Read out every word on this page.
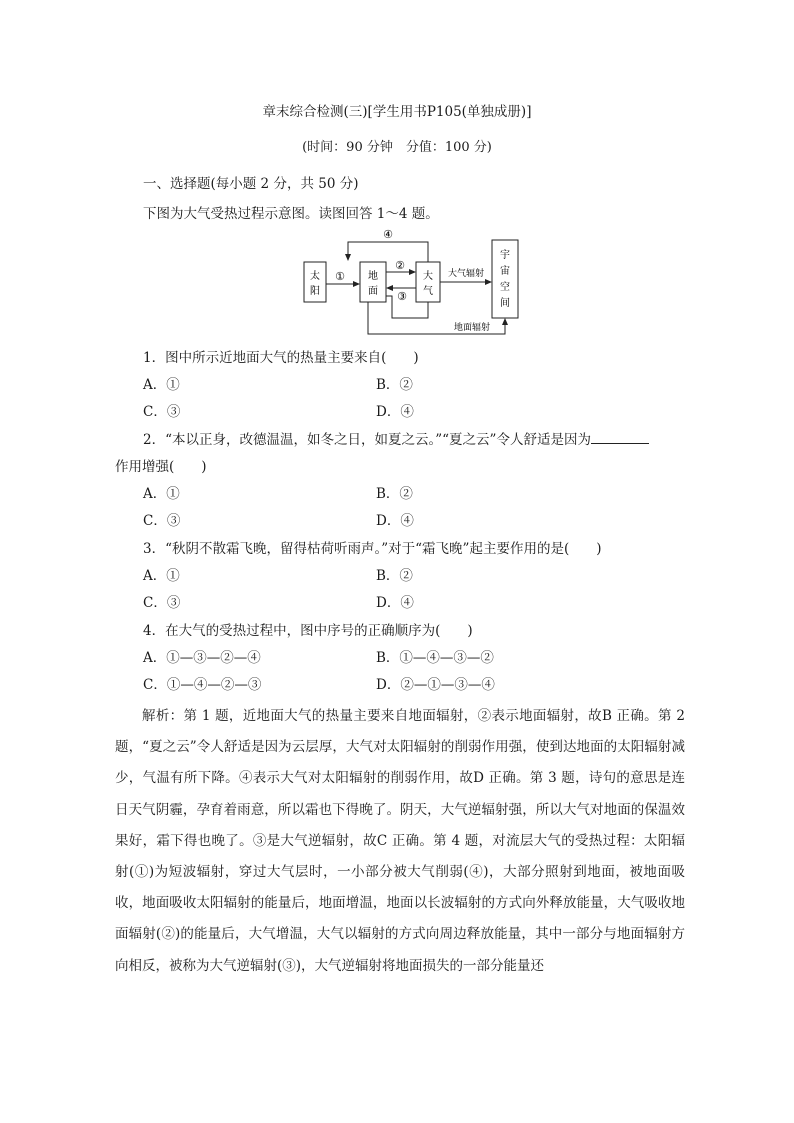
章末综合检测(三)[学生用书P105(单独成册)]
(时间：90 分钟　分值：100 分)
一、选择题(每小题 2 分，共 50 分)
下图为大气受热过程示意图。读图回答 1～4 题。
太
阳
地
面
大
气
宇
宙
空
间
①
②
③
④
大气辐射
地面辐射
1．图中所示近地面大气的热量主要来自(　　)
A．①	B．②
C．③	D．④
2．“本以正身，改德温温，如冬之日，如夏之云。”“夏之云”令人舒适是因为
作用增强(　　)
A．①	B．②
C．③	D．④
3．“秋阴不散霜飞晚，留得枯荷听雨声。”对于“霜飞晚”起主要作用的是(　　)
A．①	B．②
C．③	D．④
4．在大气的受热过程中，图中序号的正确顺序为(　　)
A．①—③—②—④	B．①—④—③—②
C．①—④—②—③	D．②—①—③—④
解析：第 1 题，近地面大气的热量主要来自地面辐射，②表示地面辐射，故B 正确。第 2 题，“夏之云”令人舒适是因为云层厚，大气对太阳辐射的削弱作用强，使到达地面的太阳辐射减少，气温有所下降。④表示大气对太阳辐射的削弱作用，故D 正确。第 3 题，诗句的意思是连日天气阴霾，孕育着雨意，所以霜也下得晚了。阴天，大气逆辐射强，所以大气对地面的保温效果好，霜下得也晚了。③是大气逆辐射，故C 正确。第 4 题，对流层大气的受热过程：太阳辐射(①)为短波辐射，穿过大气层时，一小部分被大气削弱(④)，大部分照射到地面，被地面吸收，地面吸收太阳辐射的能量后，地面增温，地面以长波辐射的方式向外释放能量，大气吸收地面辐射(②)的能量后，大气增温，大气以辐射的方式向周边释放能量，其中一部分与地面辐射方向相反，被称为大气逆辐射(③)，大气逆辐射将地面损失的一部分能量还
